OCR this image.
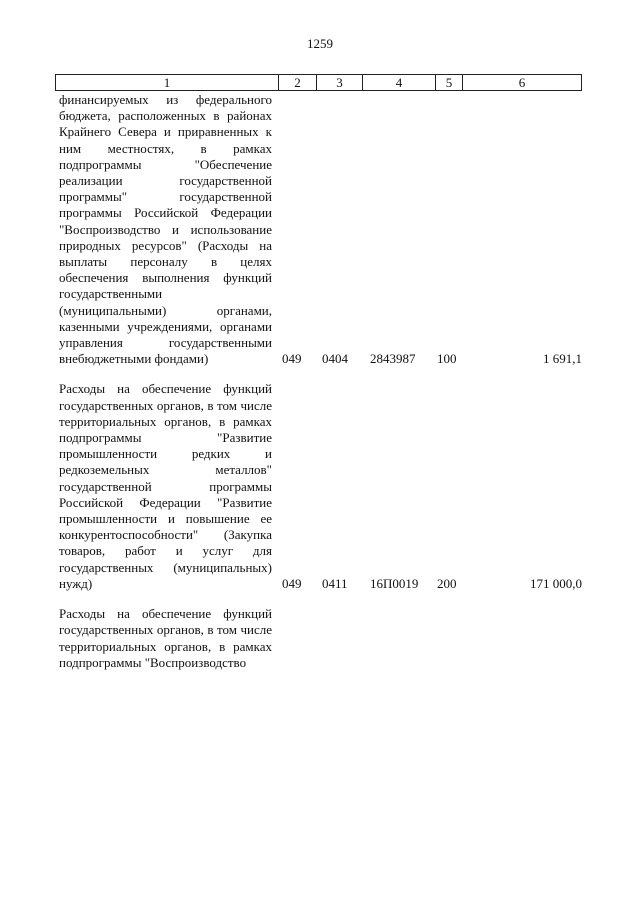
1259
1	2	3	4	5	6
финансируемых из федерального бюджета, расположенных в районах Крайнего Севера и приравненных к ним местностях, в рамках подпрограммы "Обеспечение реализации государственной программы" государственной программы Российской Федерации "Воспроизводство и использование природных ресурсов" (Расходы на выплаты персоналу в целях обеспечения выполнения функций государственными (муниципальными) органами, казенными учреждениями, органами управления государственными внебюджетными фондами)	049 0404 2843987 100	1 691,1
Расходы на обеспечение функций государственных органов, в том числе территориальных органов, в рамках подпрограммы "Развитие промышленности редких и редкоземельных металлов" государственной программы Российской Федерации "Развитие промышленности и повышение ее конкурентоспособности" (Закупка товаров, работ и услуг для государственных (муниципальных) нужд)	049 0411 16П0019 200	171 000,0
Расходы на обеспечение функций государственных органов, в том числе территориальных органов, в рамках подпрограммы "Воспроизводство
